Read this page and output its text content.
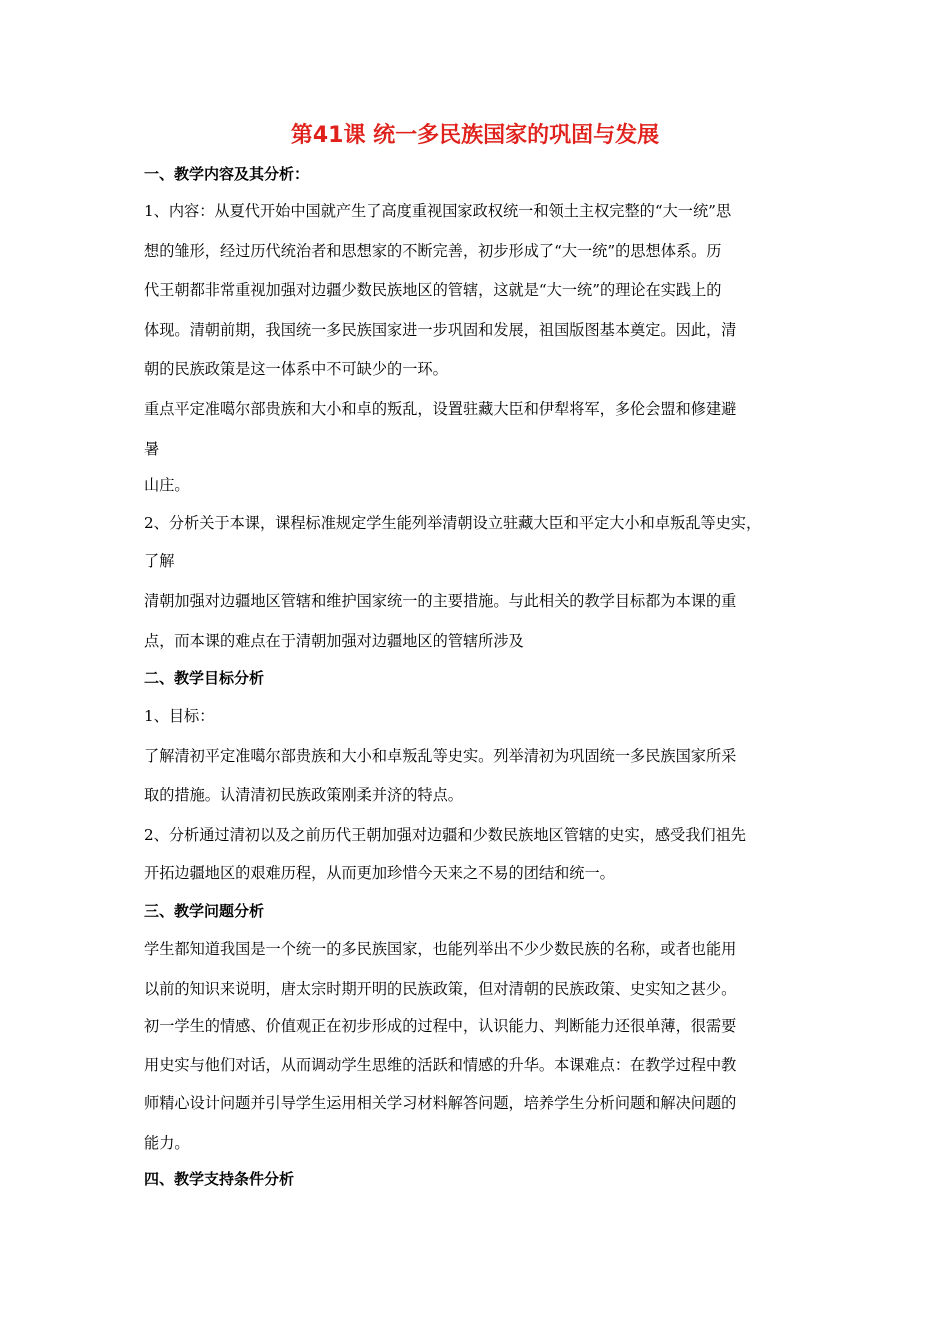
第41课 统一多民族国家的巩固与发展
一、教学内容及其分析：
1、内容：从夏代开始中国就产生了高度重视国家政权统一和领土主权完整的“大一统”思
想的雏形，经过历代统治者和思想家的不断完善，初步形成了“大一统”的思想体系。历
代王朝都非常重视加强对边疆少数民族地区的管辖，这就是“大一统”的理论在实践上的
体现。清朝前期，我国统一多民族国家进一步巩固和发展，祖国版图基本奠定。因此，清
朝的民族政策是这一体系中不可缺少的一环。
重点平定准噶尔部贵族和大小和卓的叛乱，设置驻藏大臣和伊犁将军，多伦会盟和修建避
暑
山庄。
2、分析关于本课，课程标准规定学生能列举清朝设立驻藏大臣和平定大小和卓叛乱等史实，
了解
清朝加强对边疆地区管辖和维护国家统一的主要措施。与此相关的教学目标都为本课的重
点，而本课的难点在于清朝加强对边疆地区的管辖所涉及
二、教学目标分析
1、目标：
了解清初平定准噶尔部贵族和大小和卓叛乱等史实。列举清初为巩固统一多民族国家所采
取的措施。认清清初民族政策刚柔并济的特点。
2、分析通过清初以及之前历代王朝加强对边疆和少数民族地区管辖的史实，感受我们祖先
开拓边疆地区的艰难历程，从而更加珍惜今天来之不易的团结和统一。
三、教学问题分析
学生都知道我国是一个统一的多民族国家，也能列举出不少少数民族的名称，或者也能用
以前的知识来说明，唐太宗时期开明的民族政策，但对清朝的民族政策、史实知之甚少。
初一学生的情感、价值观正在初步形成的过程中，认识能力、判断能力还很单薄，很需要
用史实与他们对话，从而调动学生思维的活跃和情感的升华。本课难点：在教学过程中教
师精心设计问题并引导学生运用相关学习材料解答问题，培养学生分析问题和解决问题的
能力。
四、教学支持条件分析
